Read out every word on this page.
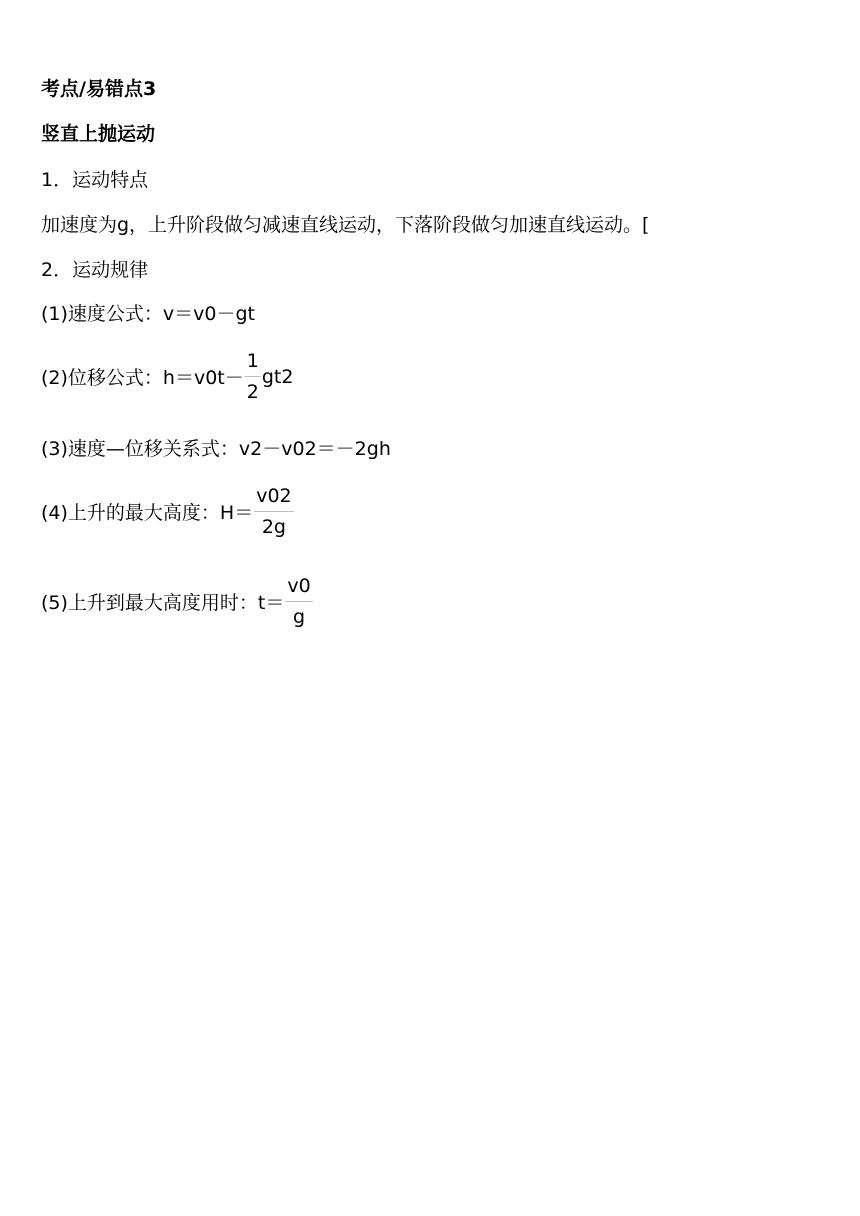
考点/易错点3
竖直上抛运动
1．运动特点
加速度为g，上升阶段做匀减速直线运动，下落阶段做匀加速直线运动。[
2．运动规律
(1)速度公式：v＝v0－gt
(2)位移公式：$h=v0t- \frac{1}{2} gt2$
(3)速度—位移关系式：v2－v02＝－2gh
(4)上升的最大高度：$H= \frac{v02}{2g}$
(5)上升到最大高度用时：$t= \frac{v0}{g}$
